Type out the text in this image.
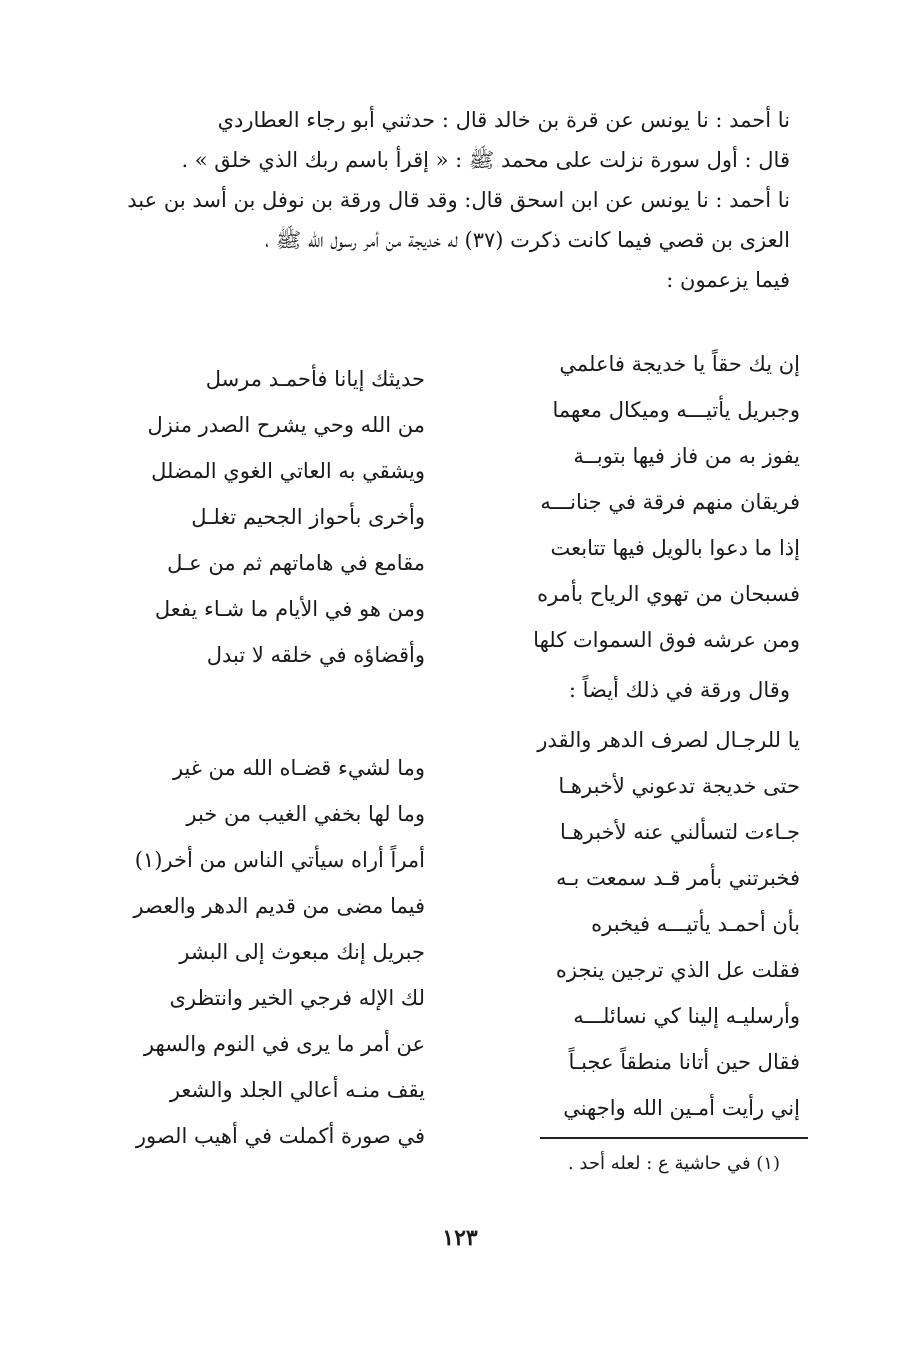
نا أحمد : نا يونس عن قرة بن خالد قال : حدثني أبو رجاء العطاردي
قال : أول سورة نزلت على محمد ﷺ : « إقرأ باسم ربك الذي خلق » .
نا أحمد : نا يونس عن ابن اسحق قال: وقد قال ورقة بن نوفل بن أسد بن عبد
العزى بن قصي فيما كانت ذكرت (٣٧) له خديجة من أمر رسول الله ﷺ ،
فيما يزعمون :
إن يك حقاً يا خديجة فاعلمي
وجبريل يأتيـــه وميكال معهما
يفوز به من فاز فيها بتوبــة
فريقان منهم فرقة في جنانـــه
إذا ما دعوا بالويل فيها تتابعت
فسبحان من تهوي الرياح بأمره
ومن عرشه فوق السموات كلها
حديثك إيانا فأحمـد مرسل
من الله وحي يشرح الصدر منزل
ويشقي به العاتي الغوي المضلل
وأخرى بأحواز الجحيم تغلـل
مقامع في هاماتهم ثم من عـل
ومن هو في الأيام ما شـاء يفعل
وأقضاؤه في خلقه لا تبدل
وقال ورقة في ذلك أيضاً :
يا للرجـال لصرف الدهر والقدر
حتى خديجة تدعوني لأخبرهـا
جـاءت لتسألني عنه لأخبرهـا
فخبرتني بأمر قـد سمعت بـه
بأن أحمـد يأتيـــه فيخبره
فقلت عل الذي ترجين ينجزه
وأرسليـه إلينا كي نسائلـــه
فقال حين أتانا منطقاً عجبـاً
إني رأيت أمـين الله واجهني
وما لشيء قضـاه الله من غير
وما لها بخفي الغيب من خبر
أمراً أراه سيأتي الناس من أخر(١)
فيما مضى من قديم الدهر والعصر
جبريل إنك مبعوث إلى البشر
لك الإله فرجي الخير وانتظرى
عن أمر ما يرى في النوم والسهر
يقف منـه أعالي الجلد والشعر
في صورة أكملت في أهيب الصور
(١) في حاشية ع : لعله أحد .
١٢٣
